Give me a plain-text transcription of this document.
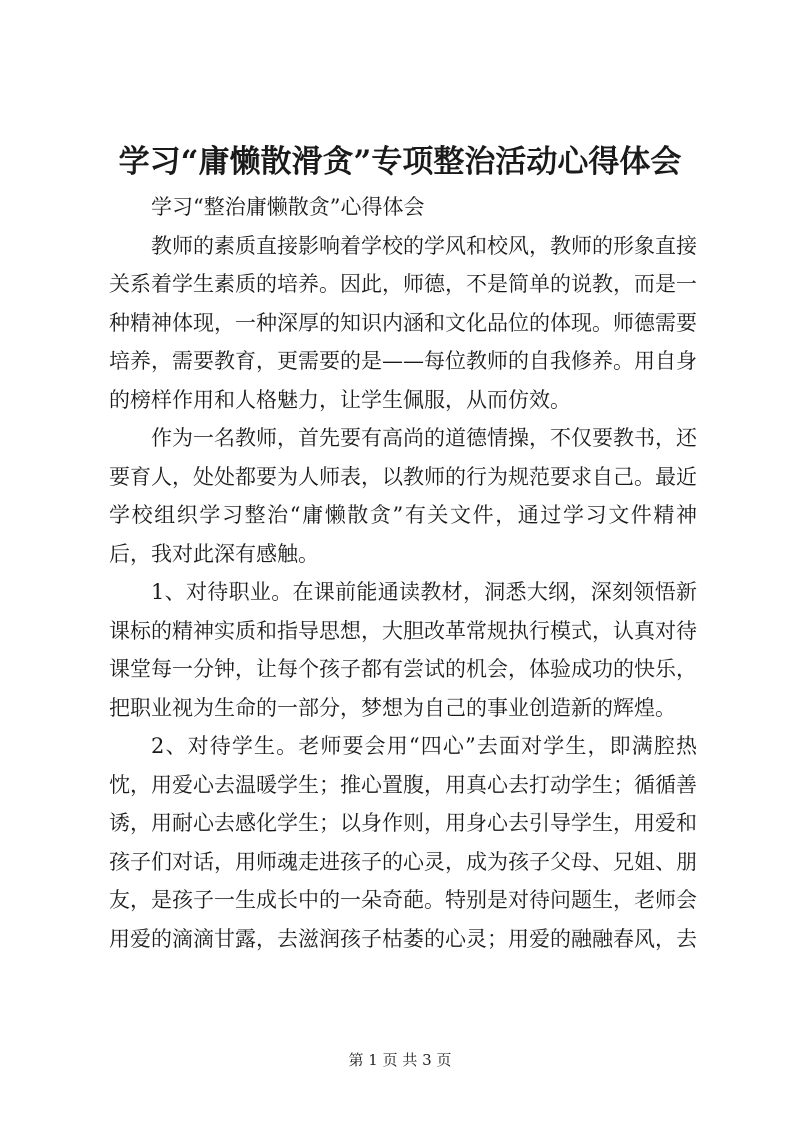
学习“庸懒散滑贪”专项整治活动心得体会

学习“整治庸懒散贪”心得体会

教师的素质直接影响着学校的学风和校风，教师的形象直接关系着学生素质的培养。因此，师德，不是简单的说教，而是一种精神体现，一种深厚的知识内涵和文化品位的体现。师德需要培养，需要教育，更需要的是——每位教师的自我修养。用自身的榜样作用和人格魅力，让学生佩服，从而仿效。

作为一名教师，首先要有高尚的道德情操，不仅要教书，还要育人，处处都要为人师表，以教师的行为规范要求自己。最近学校组织学习整治“庸懒散贪”有关文件，通过学习文件精神后，我对此深有感触。

1、对待职业。在课前能通读教材，洞悉大纲，深刻领悟新课标的精神实质和指导思想，大胆改革常规执行模式，认真对待课堂每一分钟，让每个孩子都有尝试的机会，体验成功的快乐，把职业视为生命的一部分，梦想为自己的事业创造新的辉煌。

2、对待学生。老师要会用“四心”去面对学生，即满腔热忱，用爱心去温暖学生；推心置腹，用真心去打动学生；循循善诱，用耐心去感化学生；以身作则，用身心去引导学生，用爱和孩子们对话，用师魂走进孩子的心灵，成为孩子父母、兄姐、朋友，是孩子一生成长中的一朵奇葩。特别是对待问题生，老师会用爱的滴滴甘露，去滋润孩子枯萎的心灵；用爱的融融春风，去

第 1 页 共 3 页
